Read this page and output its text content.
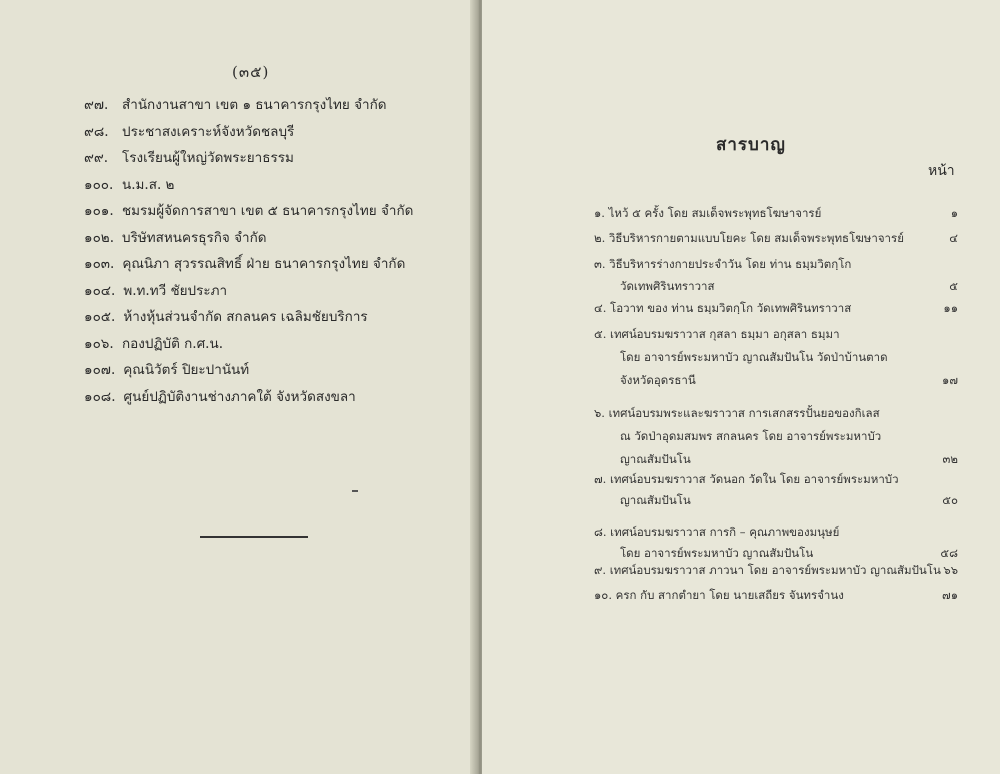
(๓๕)
๙๗.	สำนักงานสาขา เขต ๑ ธนาคารกรุงไทย จำกัด
๙๘. ประชาสงเคราะห์จังหวัดชลบุรี
๙๙.	โรงเรียนผู้ใหญ่วัดพระยาธรรม
๑๐๐. น.ม.ส. ๒
๑๐๑. ชมรมผู้จัดการสาขา เขต ๕ ธนาคารกรุงไทย จำกัด
๑๐๒. บริษัทสหนครธุรกิจ จำกัด
๑๐๓. คุณนิภา สุวรรณสิทธิ์ ฝ่าย ธนาคารกรุงไทย จำกัด
๑๐๔. พ.ท.ทวี ชัยประภา
๑๐๕. ห้างหุ้นส่วนจำกัด สกลนคร เฉลิมชัยบริการ
๑๐๖. กองปฏิบัติ ก.ศ.น.
๑๐๗. คุณนิวัตร์ ปิยะปานันท์
๑๐๘. ศูนย์ปฏิบัติงานช่างภาคใต้ จังหวัดสงขลา
สารบาญ
หน้า
๑. ไหว้ ๕ ครั้ง โดย สมเด็จพระพุทธโฆษาจารย์	๑
๒. วิธีบริหารกายตามแบบโยคะ โดย สมเด็จพระพุทธโฆษาจารย์	๔
๓. วิธีบริหารร่างกายประจำวัน โดย ท่าน ธมฺมวิตกฺโก
วัดเทพศิรินทราวาส	๕
๔. โอวาท ของ ท่าน ธมฺมวิตกฺโก วัดเทพศิรินทราวาส	๑๑
๕. เทศน์อบรมฆราวาส กุสลา ธมฺมา อกุสลา ธมฺมา
โดย อาจารย์พระมหาบัว ญาณสัมปันโน วัดป่าบ้านตาด
จังหวัดอุดรธานี	๑๗
๖. เทศน์อบรมพระและฆราวาส การเสกสรรปั้นยอของกิเลส
ณ วัดป่าอุดมสมพร สกลนคร โดย อาจารย์พระมหาบัว
ญาณสัมปันโน	๓๒
๗. เทศน์อบรมฆราวาส วัดนอก วัดใน โดย อาจารย์พระมหาบัว
ญาณสัมปันโน	๕๐
๘. เทศน์อบรมฆราวาส การกิ – คุณภาพของมนุษย์
โดย อาจารย์พระมหาบัว ญาณสัมปันโน	๕๘
๙. เทศน์อบรมฆราวาส ภาวนา โดย อาจารย์พระมหาบัว ญาณสัมปันโน ๖๖
๑๐. ครก กับ สากตำยา โดย นายเสถียร จันทรจำนง	๗๑
